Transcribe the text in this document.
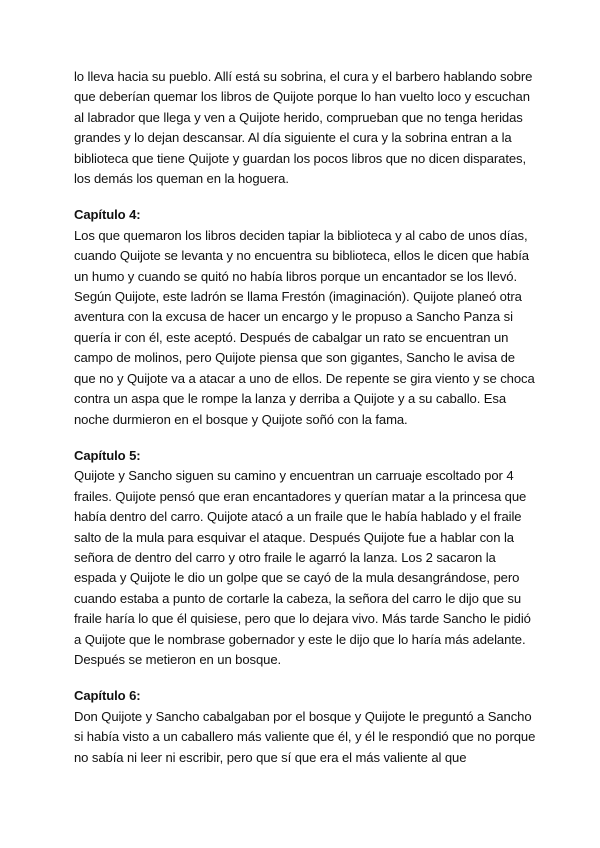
lo lleva hacia su pueblo. Allí está su sobrina, el cura y el barbero hablando sobre que deberían quemar los libros de Quijote porque lo han vuelto loco y escuchan al labrador que llega y ven a Quijote herido, comprueban que no tenga heridas grandes y lo dejan descansar. Al día siguiente el cura y la sobrina entran a la biblioteca que tiene Quijote y guardan los pocos libros que no dicen disparates, los demás los queman en la hoguera.

Capítulo 4:

Los que quemaron los libros deciden tapiar la biblioteca y al cabo de unos días, cuando Quijote se levanta y no encuentra su biblioteca, ellos le dicen que había un humo y cuando se quitó no había libros porque un encantador se los llevó. Según Quijote, este ladrón se llama Frestón (imaginación). Quijote planeó otra aventura con la excusa de hacer un encargo y le propuso a Sancho Panza si quería ir con él, este aceptó. Después de cabalgar un rato se encuentran un campo de molinos, pero Quijote piensa que son gigantes, Sancho le avisa de que no y Quijote va a atacar a uno de ellos. De repente se gira viento y se choca contra un aspa que le rompe la lanza y derriba a Quijote y a su caballo. Esa noche durmieron en el bosque y Quijote soñó con la fama.

Capítulo 5:

Quijote y Sancho siguen su camino y encuentran un carruaje escoltado por 4 frailes. Quijote pensó que eran encantadores y querían matar a la princesa que había dentro del carro. Quijote atacó a un fraile que le había hablado y el fraile salto de la mula para esquivar el ataque. Después Quijote fue a hablar con la señora de dentro del carro y otro fraile le agarró la lanza. Los 2 sacaron la espada y Quijote le dio un golpe que se cayó de la mula desangrándose, pero cuando estaba a punto de cortarle la cabeza, la señora del carro le dijo que su fraile haría lo que él quisiese, pero que lo dejara vivo. Más tarde Sancho le pidió a Quijote que le nombrase gobernador y este le dijo que lo haría más adelante. Después se metieron en un bosque.

Capítulo 6:

Don Quijote y Sancho cabalgaban por el bosque y Quijote le preguntó a Sancho si había visto a un caballero más valiente que él, y él le respondió que no porque no sabía ni leer ni escribir, pero que sí que era el más valiente al que
